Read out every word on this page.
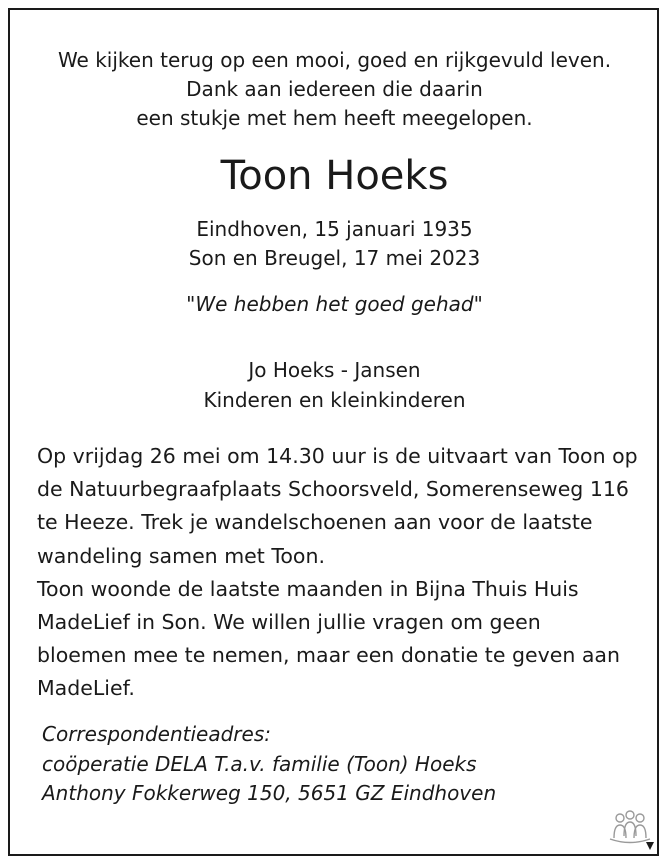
We kijken terug op een mooi, goed en rijkgevuld leven.
Dank aan iedereen die daarin
een stukje met hem heeft meegelopen.
Toon Hoeks
Eindhoven, 15 januari 1935
Son en Breugel, 17 mei 2023
"We hebben het goed gehad"
Jo Hoeks - Jansen
Kinderen en kleinkinderen
Op vrijdag 26 mei om 14.30 uur is de uitvaart van Toon op
de Natuurbegraafplaats Schoorsveld, Somerenseweg 116
te Heeze. Trek je wandelschoenen aan voor de laatste
wandeling samen met Toon.
Toon woonde de laatste maanden in Bijna Thuis Huis
MadeLief in Son. We willen jullie vragen om geen
bloemen mee te nemen, maar een donatie te geven aan
MadeLief.
Correspondentieadres:
coöperatie DELA T.a.v. familie (Toon) Hoeks
Anthony Fokkerweg 150, 5651 GZ Eindhoven
